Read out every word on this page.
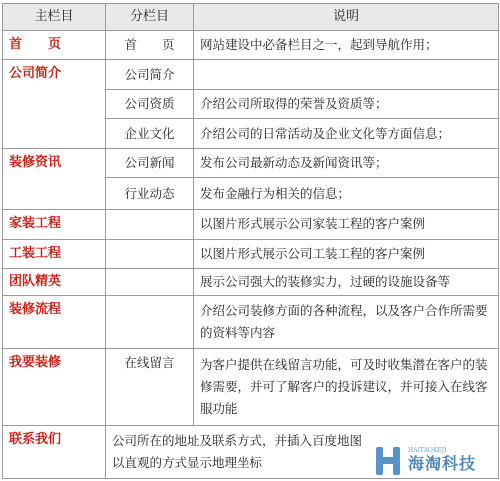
主栏目	分栏目	说明
首　　页	首　　页	网站建设中必备栏目之一，起到导航作用；
公司简介	公司简介	
	公司资质	介绍公司所取得的荣誉及资质等；
	企业文化	介绍公司的日常活动及企业文化等方面信息；
装修资讯	公司新闻	发布公司最新动态及新闻资讯等；
	行业动态	发布金融行为相关的信息；
家装工程		以图片形式展示公司家装工程的客户案例
工装工程		以图片形式展示公司工装工程的客户案例
团队精英		展示公司强大的装修实力，过硬的设施设备等
装修流程		介绍公司装修方面的各种流程，以及客户合作所需要的资料等内容
我要装修	在线留言	为客户提供在线留言功能，可及时收集潜在客户的装修需要，并可了解客户的投诉建议，并可接入在线客服功能
联系我们	公司所在的地址及联系方式，并插入百度地图以直观的方式显示地理坐标	
HAITAOKEJI
海淘科技
